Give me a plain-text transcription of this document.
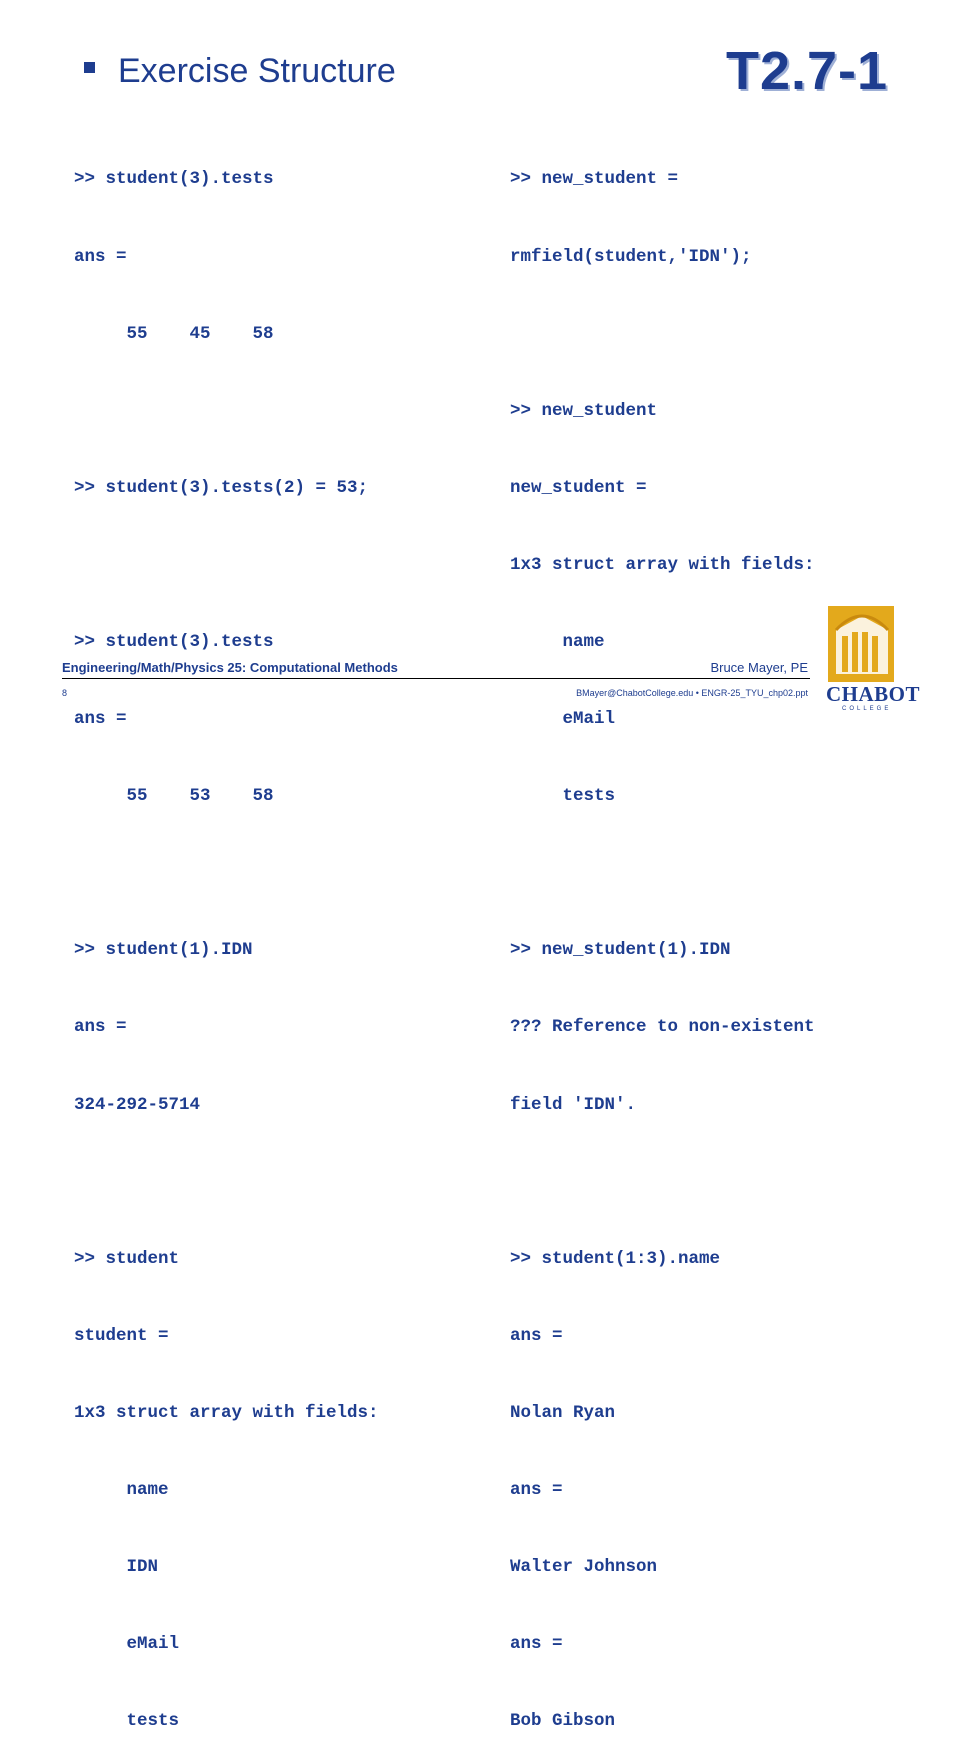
Exercise Structure	T2.7-1

>> student(3).tests

ans =

55    45    58

>> student(3).tests(2) = 53;

>> student(3).tests

ans =

55    53    58

>> student(1).IDN

ans =

324-292-5714

>> student

student =

1x3 struct array with fields:

name

IDN

eMail

tests

>> new_student =

rmfield(student,'IDN');

>> new_student

new_student =

1x3 struct array with fields:

name

eMail

tests

>> new_student(1).IDN

??? Reference to non-existent

field 'IDN'.

>> student(1:3).name

ans =

Nolan Ryan

ans =

Walter Johnson

ans =

Bob Gibson

Engineering/Math/Physics 25: Computational Methods	Bruce Mayer, PE
8	BMayer@ChabotCollege.edu • ENGR-25_TYU_chp02.ppt CHABOT
COLLEGE
